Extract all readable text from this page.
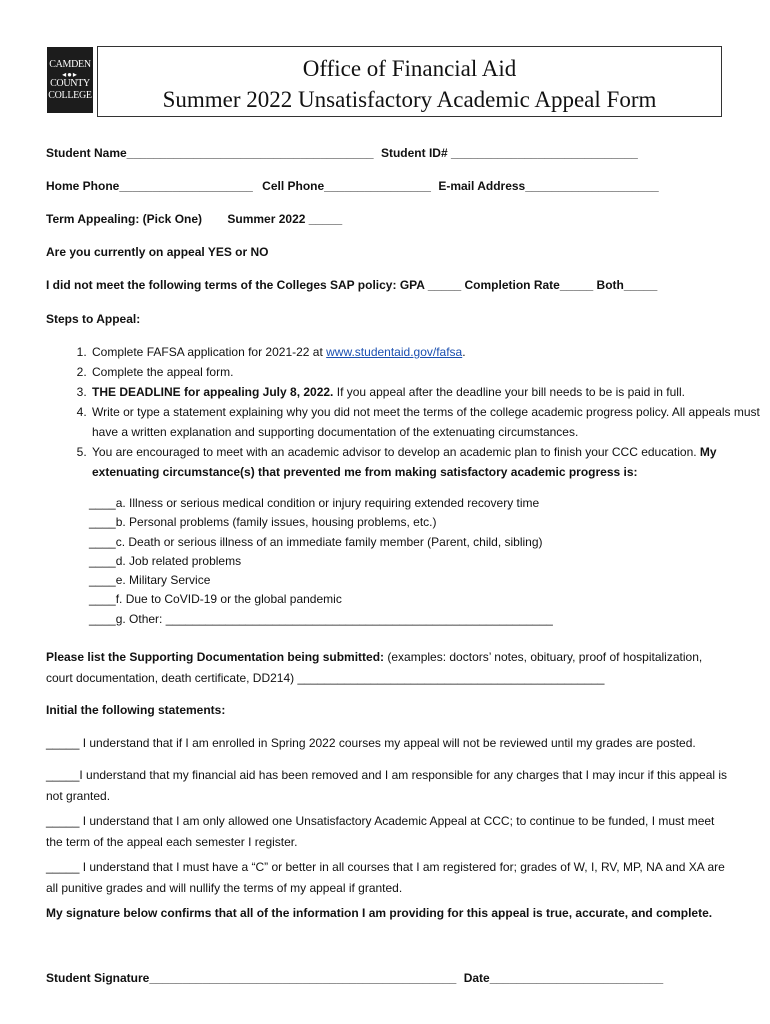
CAMDEN
◂●▸
COUNTY
COLLEGE
Office of Financial Aid
Summer 2022 Unsatisfactory Academic Appeal Form
Student Name_____________________________________ Student ID# ____________________________
Home Phone____________________ Cell Phone________________ E-mail Address____________________
Term Appealing: (Pick One) Summer 2022 _____
Are you currently on appeal YES or NO
I did not meet the following terms of the Colleges SAP policy: GPA _____ Completion Rate_____ Both_____
Steps to Appeal:
1. Complete FAFSA application for 2021-22 at www.studentaid.gov/fafsa.
2. Complete the appeal form.
3. THE DEADLINE for appealing July 8, 2022. If you appeal after the deadline your bill needs to be is paid in full.
4. Write or type a statement explaining why you did not meet the terms of the college academic progress policy. All appeals must have a written explanation and supporting documentation of the extenuating circumstances.
5. You are encouraged to meet with an academic advisor to develop an academic plan to finish your CCC education. My extenuating circumstance(s) that prevented me from making satisfactory academic progress is:
____a. Illness or serious medical condition or injury requiring extended recovery time
____b. Personal problems (family issues, housing problems, etc.)
____c. Death or serious illness of an immediate family member (Parent, child, sibling)
____d. Job related problems
____e. Military Service
____f. Due to CoVID-19 or the global pandemic
____g. Other: __________________________________________________________
Please list the Supporting Documentation being submitted: (examples: doctors’ notes, obituary, proof of hospitalization, court documentation, death certificate, DD214) ______________________________________________
Initial the following statements:
_____ I understand that if I am enrolled in Spring 2022 courses my appeal will not be reviewed until my grades are posted.
_____I understand that my financial aid has been removed and I am responsible for any charges that I may incur if this appeal is not granted.
_____ I understand that I am only allowed one Unsatisfactory Academic Appeal at CCC; to continue to be funded, I must meet the term of the appeal each semester I register.
_____ I understand that I must have a “C” or better in all courses that I am registered for; grades of W, I, RV, MP, NA and XA are all punitive grades and will nullify the terms of my appeal if granted.
My signature below confirms that all of the information I am providing for this appeal is true, accurate, and complete.
Student Signature______________________________________________ Date__________________________
